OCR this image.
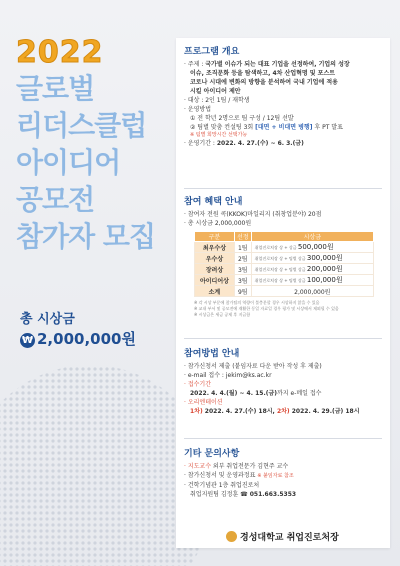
2022
글로벌
리더스클럽
아이디어
공모전
참가자 모집
총 시상금
₩ 2,000,000원
프로그램 개요
· 주제 : 국가별 이슈가 되는 대표 기업을 선정하여, 기업의 성장
이슈, 조직문화 등을 탐색하고, 4차 산업혁명 및 포스트
코로나 시대에 변화의 방향을 분석하여 국내 기업에 적용
시킬 아이디어 제안
· 대상 : 2인 1팀 / 재학생
· 운영방법
① 전 학년 2명으로 팀 구성 / 12팀 선발
② 팀별 맞춤 컨설팅 3회 [대면 + 비대면 병행] 후 PT 발표
※ 팀별 희망시간 선택가능
· 운영기간 : 2022. 4. 27.(수) ~ 6. 3.(금)
참여 혜택 안내
· 참여자 전원 콕(KKOK)마일리지 (취창업분야) 20점
· 총 시상금 2,000,000원
구분	선정	시상금
최우수상	1팀	취업진로처장 상 + 상금 500,000원
우수상	2팀	취업진로처장 상 + 팀별 상금 300,000원
장려상	3팀	취업진로처장 상 + 팀별 상금 200,000원
아이디어상	3팀	취업진로처장 상 + 팀별 상금 100,000원
소계	9팀	2,000,000원
※ 각 시상 부문에 참가팀의 역량이 불충분할 경우 시상하지 않을 수 있음
※ 교내 부서 및 공모전에 재활한 동일 자료일 경우 평가 및 시상에서 제외될 수 있음
※ 시상금은 세금 공제 후 지급함
참여방법 안내
· 참가신청서 제출 (붙임자료 다운 받아 작성 후 제출)
· e-mail 접수 : jekim@ks.ac.kr
· 접수기간
2022. 4. 4.(월) ~ 4. 15.(금)까지 e-메일 접수
· 오리엔테이션
1차) 2022. 4. 27.(수) 18시, 2차) 2022. 4. 29.(금) 18시
기타 문의사항
· 지도교수 외부 취업전문가 김현주 교수
· 참가신청서 및 운영과정표 ※ 붙임자료 참조
· 건학기념관 1층 취업진로처
취업지원팀 김정훈 ☎ 051.663.5353
경성대학교 취업진로처장
